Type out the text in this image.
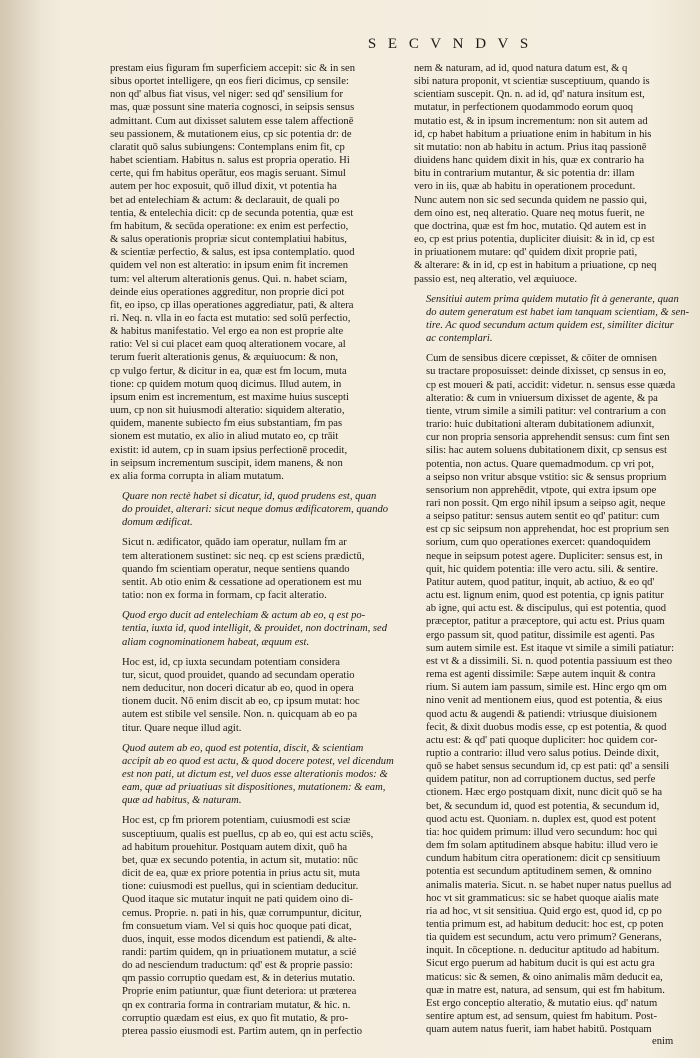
S E C V N D V S

prestam eius figuram fm superficiem accepit: sic & in sen

sibus oportet intelligere, qn eos fieri dicimus, cp sensile:

non qd' albus fiat visus, vel niger: sed qd' sensilium for

mas, quæ possunt sine materia cognosci, in seipsis sensus

admittant. Cum aut dixisset salutem esse talem affectionē

seu passionem, & mutationem eius, cp sic potentia dr: de

claratit quō salus subiungens: Contemplans enim fit, cp

habet scientiam. Habitus n. salus est propria operatio. Hi

certe, qui fm habitus operātur, eos magis seruant. Simul

autem per hoc exposuit, quō illud dixit, vt potentia ha

bet ad entelechiam & actum: & declarauit, de quali po

tentia, & entelechia dicit: cp de secunda potentia, quæ est

fm habitum, & secūda operatione: ex enim est perfectio,

& salus operationis propriæ sicut contemplatiui habitus,

& scientiæ perfectio, & salus, est ipsa contemplatio. quod

quidem vel non est alteratio: in ipsum enim fit incremen

tum: vel alterum alterationis genus. Qui. n. habet sciam,

deinde eius operationes aggreditur, non proprie dici pot

fit, eo ipso, cp illas operationes aggrediatur, pati, & altera

ri. Neq. n. vlla in eo facta est mutatio: sed solū perfectio,

& habitus manifestatio. Vel ergo ea non est proprie alte

ratio: Vel si cui placet eam quoq alterationem vocare, al

terum fuerit alterationis genus, & æquiuocum: & non,

cp vulgo fertur, & dicitur in ea, quæ est fm locum, muta

tione: cp quidem motum quoq dicimus. Illud autem, in

ipsum enim est incrementum, est maxime huius suscepti

uum, cp non sit huiusmodi alteratio: siquidem alteratio,

quidem, manente subiecto fm eius substantiam, fm pas

sionem est mutatio, ex alio in aliud mutato eo, cp trāit

existit: id autem, cp in suam ipsius perfectionē procedit,

in seipsum incrementum suscipit, idem manens, & non

ex alia forma corrupta in aliam mutatum.

Quare non rectè habet si dicatur, id, quod prudens est, quan

do prouidet, alterari: sicut neque domus ædificatorem, quando

domum ædificat.

Sicut n. ædificator, quādo iam operatur, nullam fm ar

tem alterationem sustinet: sic neq. cp est sciens prædictū,

quando fm scientiam operatur, neque sentiens quando

sentit. Ab otio enim & cessatione ad operationem est mu

tatio: non ex forma in formam, cp facit alteratio.

Quod ergo ducit ad entelechiam & actum ab eo, q est po-

tentia, iuxta id, quod intelligit, & prouidet, non doctrinam, sed

aliam cognominationem habeat, æquum est.

Hoc est, id, cp iuxta secundam potentiam considera

tur, sicut, quod prouidet, quando ad secundam operatio

nem deducitur, non doceri dicatur ab eo, quod in opera

tionem ducit. Nō enim discit ab eo, cp ipsum mutat: hoc

autem est stibile vel sensile. Non. n. quicquam ab eo pa

titur. Quare neque illud agit.

Quod autem ab eo, quod est potentia, discit, & scientiam

accipit ab eo quod est actu, & quod docere potest, vel dicendum

est non pati, ut dictum est, vel duos esse alterationis modos: &

eam, quæ ad priuatiuas sit dispositiones, mutationem: & eam,

quæ ad habitus, & naturam.

Hoc est, cp fm priorem potentiam, cuiusmodi est sciæ

susceptiuum, qualis est puellus, cp ab eo, qui est actu sciēs,

ad habitum prouehitur. Postquam autem dixit, quō ha

bet, quæ ex secundo potentia, in actum sit, mutatio: nūc

dicit de ea, quæ ex priore potentia in prius actu sit, muta

tione: cuiusmodi est puellus, qui in scientiam deducitur.

Quod itaque sic mutatur inquit ne pati quidem oino di-

cemus. Proprie. n. pati in his, quæ corrumpuntur, dicitur,

fm consuetum viam. Vel si quis hoc quoque pati dicat,

duos, inquit, esse modos dicendum est patiendi, & alte-

randi: partim quidem, qn in priuationem mutatur, a scié

do ad nesciendum traductum: qd' est & proprie passio:

qm passio corruptio quedam est, & in deterius mutatio.

Proprie enim patiuntur, quæ fiunt deteriora: ut præterea

qn ex contraria forma in contrariam mutatur, & hic. n.

corruptio quædam est eius, ex quo fit mutatio, & pro-

pterea passio eiusmodi est. Partim autem, qn in perfectio

nem & naturam, ad id, quod natura datum est, & q

sibi natura proponit, vt scientiæ susceptiuum, quando is

scientiam suscepit. Qn. n. ad id, qd' natura insitum est,

mutatur, in perfectionem quodammodo eorum quoq

mutatio est, & in ipsum incrementum: non sit autem ad

id, cp habet habitum a priuatione enim in habitum in his

sit mutatio: non ab habitu in actum. Prius itaq passionē

diuidens hanc quidem dixit in his, quæ ex contrario ha

bitu in contrarium mutantur, & sic potentia dr: illam

vero in iis, quæ ab habitu in operationem procedunt.

Nunc autem non sic sed secunda quidem ne passio qui,

dem oino est, neq alteratio. Quare neq motus fuerit, ne

que doctrina, quæ est fm hoc, mutatio. Qd autem est in

eo, cp est prius potentia, dupliciter diuisit: & in id, cp est

in priuationem mutare: qd' quidem dixit proprie pati,

& alterare: & in id, cp est in habitum a priuatione, cp neq

passio est, neq alteratio, vel æquiuoce.

Sensitiui autem prima quidem mutatio fit à generante, quan

do autem generatum est habet iam tanquam scientiam, & sen-

tire. Ac quod secundum actum quidem est, similiter dicitur

ac contemplari.

Cum de sensibus dicere cœpisset, & cōiter de omnisen

su tractare proposuisset: deinde dixisset, cp sensus in eo,

cp est moueri & pati, accidit: videtur. n. sensus esse quæda

alteratio: & cum in vniuersum dixisset de agente, & pa

tiente, vtrum simile a simili patitur: vel contrarium a con

trario: huic dubitationi alteram dubitationem adiunxit,

cur non propria sensoria apprehendit sensus: cum fint sen

silis: hac autem soluens dubitationem dixit, cp sensus est

potentia, non actus. Quare quemadmodum. cp vri pot,

a seipso non vritur absque vstitio: sic & sensus proprium

sensorium non apprehēdit, vtpote, qui extra ipsum ope

rari non possit. Qm ergo nihil ipsum a seipso agit, neque

a seipso patitur: sensus autem sentit eo qd' patitur: cum

est cp sic seipsum non apprehendat, hoc est proprium sen

sorium, cum quo operationes exercet: quandoquidem

neque in seipsum potest agere. Dupliciter: sensus est, in

quit, hic quidem potentia: ille vero actu. sili. & sentire.

Patitur autem, quod patitur, inquit, ab actiuo, & eo qd'

actu est. lignum enim, quod est potentia, cp ignis patitur

ab igne, qui actu est. & discipulus, qui est potentia, quod

præceptor, patitur a præceptore, qui actu est. Prius quam

ergo passum sit, quod patitur, dissimile est agenti. Pas

sum autem simile est. Est itaque vt simile a simili patiatur:

est vt & a dissimili. Si. n. quod potentia passiuum est theo

rema est agenti dissimile: Sæpe autem inquit & contra

rium. Si autem iam passum, simile est. Hinc ergo qm om

nino venit ad mentionem eius, quod est potentia, & eius

quod actu & augendi & patiendi: vtriusque diuisionem

fecit, & dixit duobus modis esse, cp est potentia, & quod

actu est: & qd' pati quoque dupliciter: hoc quidem cor-

ruptio a contrario: illud vero salus potius. Deinde dixit,

quō se habet sensus secundum id, cp est pati: qd' a sensili

quidem patitur, non ad corruptionem ductus, sed perfe

ctionem. Hæc ergo postquam dixit, nunc dicit quō se ha

bet, & secundum id, quod est potentia, & secundum id,

quod actu est. Quoniam. n. duplex est, quod est potent

tia: hoc quidem primum: illud vero secundum: hoc qui

dem fm solam aptitudinem absque habitu: illud vero ie

cundum habitum citra operationem: dicit cp sensitiuum

potentia est secundum aptitudinem semen, & omnino

animalis materia. Sicut. n. se habet nuper natus puellus ad

hoc vt sit grammaticus: sic se habet quoque aialis mate

ria ad hoc, vt sit sensitiua. Quid ergo est, quod id, cp po

tentia primum est, ad habitum deducit: hoc est, cp poten

tia quidem est secundum, actu vero primum? Generans,

inquit. In cōceptione. n. deducitur aptitudo ad habitum.

Sicut ergo puerum ad habitum ducit is qui est actu gra

maticus: sic & semen, & oino animalis mām deducit ea,

quæ in matre est, natura, ad sensum, qui est fm habitum.

Est ergo conceptio alteratio, & mutatio eius. qd' natum

sentire aptum est, ad sensum, quiest fm habitum. Post-

quam autem natus fuerit, iam habet habitū. Postquam

enim
